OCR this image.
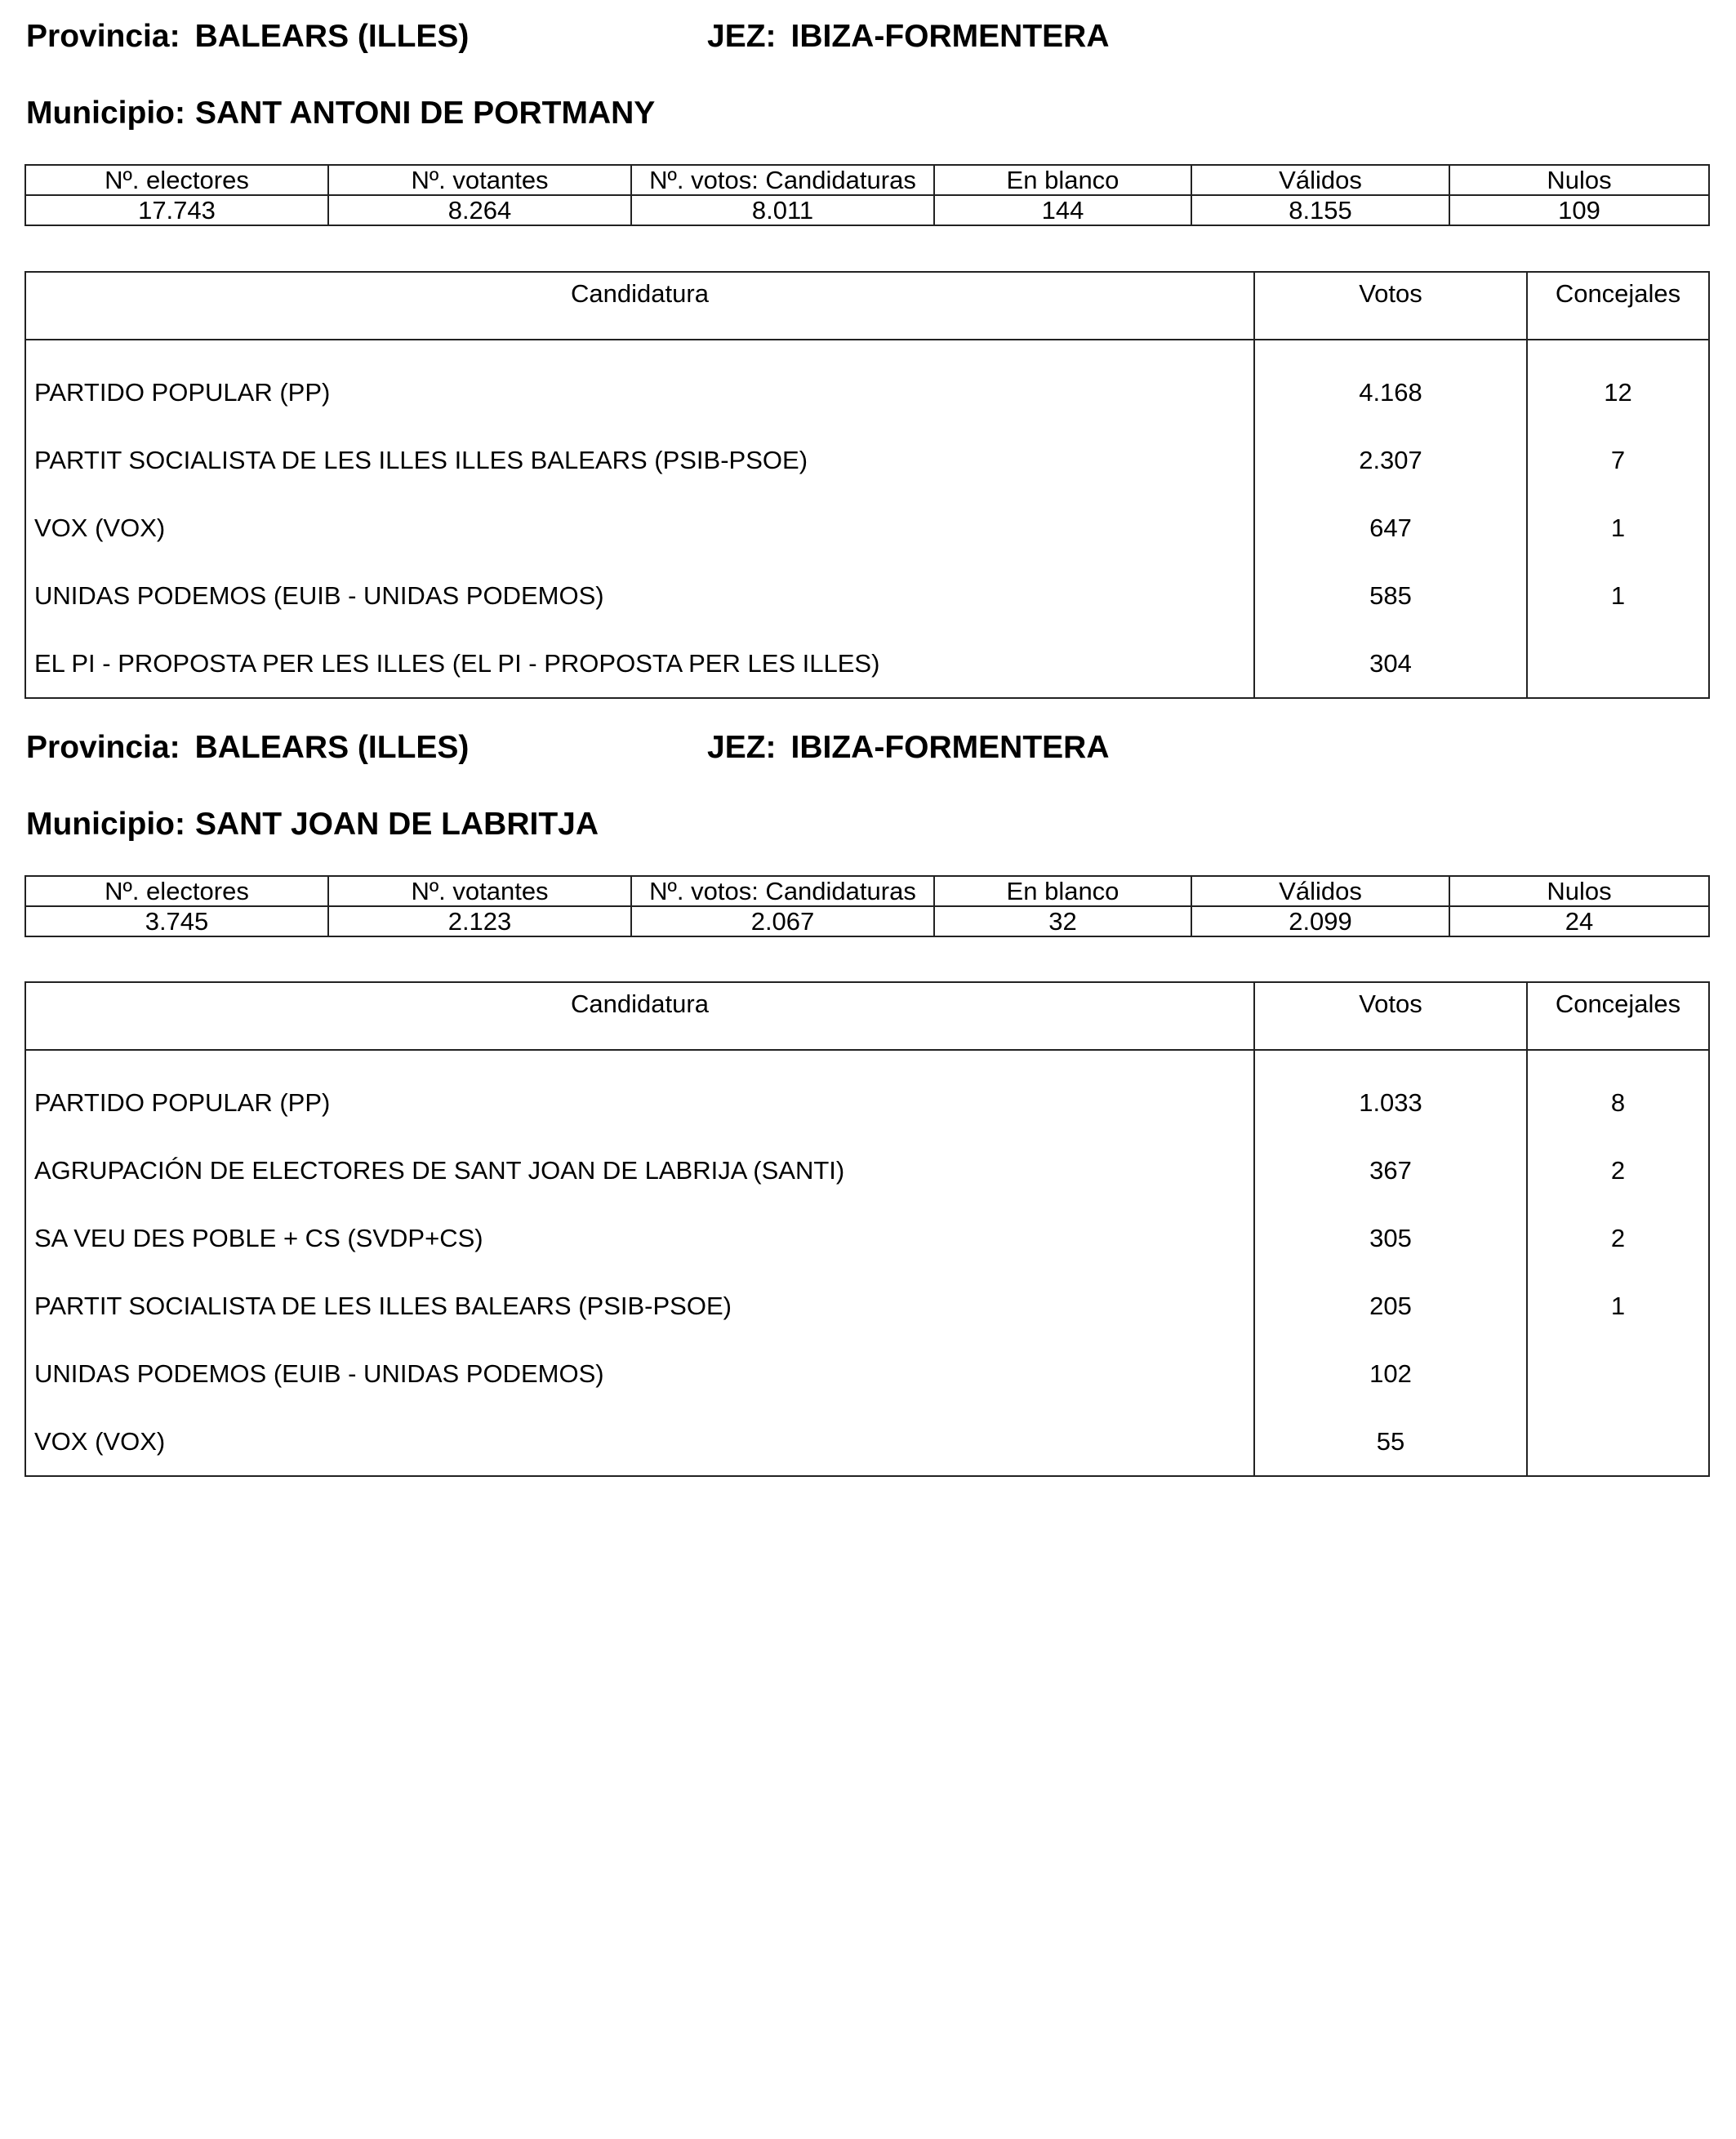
Provincia: BALEARS (ILLES)	JEZ: IBIZA-FORMENTERA
Municipio: SANT ANTONI DE PORTMANY
Nº. electores	Nº. votantes	Nº. votos: Candidaturas	En blanco	Válidos	Nulos
17.743	8.264	8.011	144	8.155	109
Candidatura	Votos	Concejales
PARTIDO POPULAR (PP)	4.168	12
PARTIT SOCIALISTA DE LES ILLES ILLES BALEARS (PSIB-PSOE)	2.307	7
VOX (VOX)	647	1
UNIDAS PODEMOS (EUIB - UNIDAS PODEMOS)	585	1
EL PI - PROPOSTA PER LES ILLES (EL PI - PROPOSTA PER LES ILLES)	304	
Provincia: BALEARS (ILLES)	JEZ: IBIZA-FORMENTERA
Municipio: SANT JOAN DE LABRITJA
Nº. electores	Nº. votantes	Nº. votos: Candidaturas	En blanco	Válidos	Nulos
3.745	2.123	2.067	32	2.099	24
Candidatura	Votos	Concejales
PARTIDO POPULAR (PP)	1.033	8
AGRUPACIÓN DE ELECTORES DE SANT JOAN DE LABRIJA (SANTI)	367	2
SA VEU DES POBLE + CS (SVDP+CS)	305	2
PARTIT SOCIALISTA DE LES ILLES BALEARS (PSIB-PSOE)	205	1
UNIDAS PODEMOS (EUIB - UNIDAS PODEMOS)	102	
VOX (VOX)	55	
